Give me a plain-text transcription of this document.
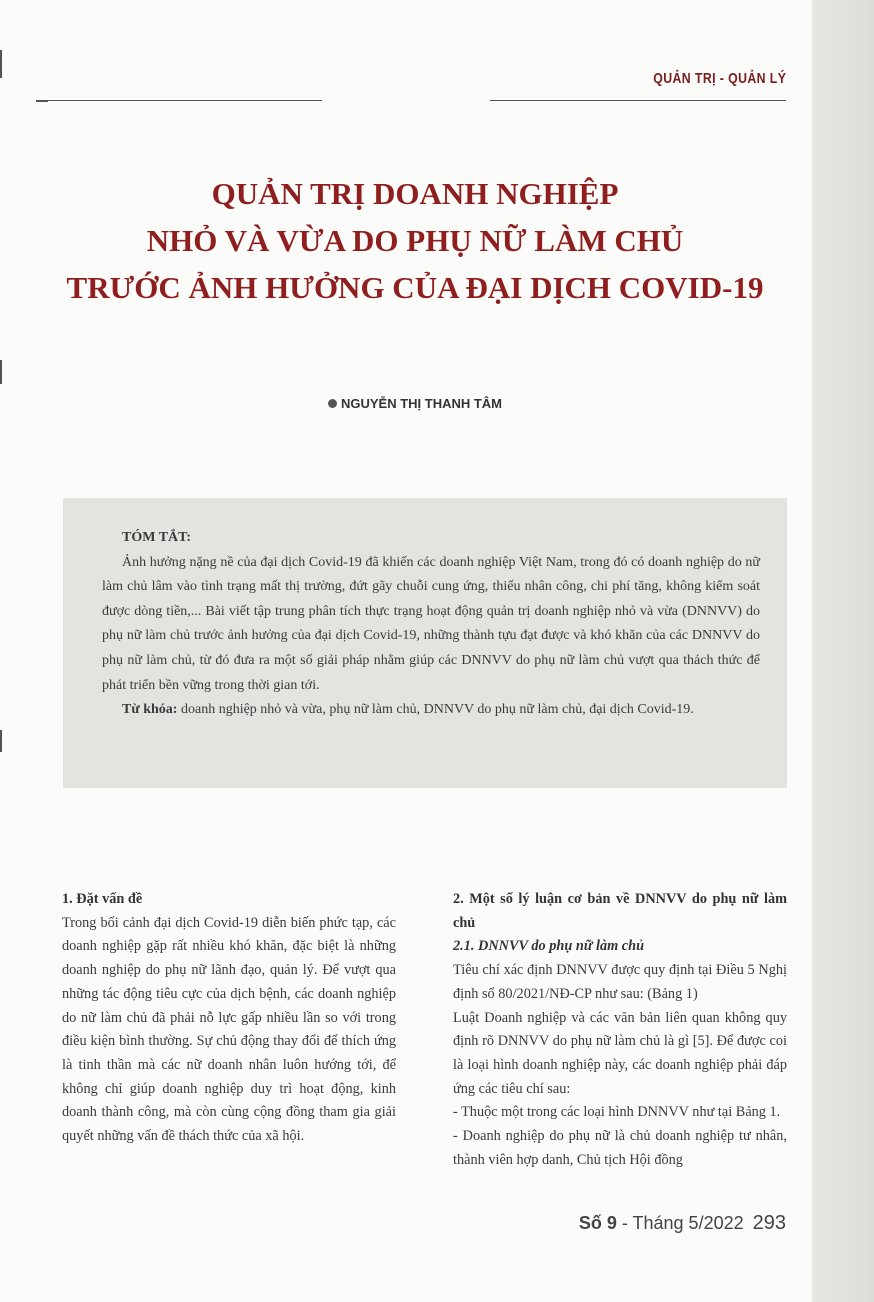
QUẢN TRỊ - QUẢN LÝ
QUẢN TRỊ DOANH NGHIỆP
NHỎ VÀ VỪA DO PHỤ NỮ LÀM CHỦ
TRƯỚC ẢNH HƯỞNG CỦA ĐẠI DỊCH COVID-19
NGUYỄN THỊ THANH TÂM
TÓM TẮT:

Ảnh hưởng nặng nề của đại dịch Covid-19 đã khiến các doanh nghiệp Việt Nam, trong đó có doanh nghiệp do nữ làm chủ lâm vào tình trạng mất thị trường, đứt gãy chuỗi cung ứng, thiếu nhân công, chi phí tăng, không kiểm soát được dòng tiền,... Bài viết tập trung phân tích thực trạng hoạt động quản trị doanh nghiệp nhỏ và vừa (DNNVV) do phụ nữ làm chủ trước ảnh hưởng của đại dịch Covid-19, những thành tựu đạt được và khó khăn của các DNNVV do phụ nữ làm chủ, từ đó đưa ra một số giải pháp nhằm giúp các DNNVV do phụ nữ làm chủ vượt qua thách thức để phát triển bền vững trong thời gian tới.

Từ khóa: doanh nghiệp nhỏ và vừa, phụ nữ làm chủ, DNNVV do phụ nữ làm chủ, đại dịch Covid-19.

1. Đặt vấn đề

Trong bối cảnh đại dịch Covid-19 diễn biến phức tạp, các doanh nghiệp gặp rất nhiều khó khăn, đặc biệt là những doanh nghiệp do phụ nữ lãnh đạo, quản lý. Để vượt qua những tác động tiêu cực của dịch bệnh, các doanh nghiệp do nữ làm chủ đã phải nỗ lực gấp nhiều lần so với trong điều kiện bình thường. Sự chủ động thay đổi để thích ứng là tinh thần mà các nữ doanh nhân luôn hướng tới, để không chỉ giúp doanh nghiệp duy trì hoạt động, kinh doanh thành công, mà còn cùng cộng đồng tham gia giải quyết những vấn đề thách thức của xã hội.

2. Một số lý luận cơ bản về DNNVV do phụ nữ làm chủ
2.1. DNNVV do phụ nữ làm chủ

Tiêu chí xác định DNNVV được quy định tại Điều 5 Nghị định số 80/2021/NĐ-CP như sau: (Bảng 1)

Luật Doanh nghiệp và các văn bản liên quan không quy định rõ DNNVV do phụ nữ làm chủ là gì [5]. Để được coi là loại hình doanh nghiệp này, các doanh nghiệp phải đáp ứng các tiêu chí sau:

- Thuộc một trong các loại hình DNNVV như tại Bảng 1.

- Doanh nghiệp do phụ nữ là chủ doanh nghiệp tư nhân, thành viên hợp danh, Chủ tịch Hội đồng

Số 9 - Tháng 5/2022 293
